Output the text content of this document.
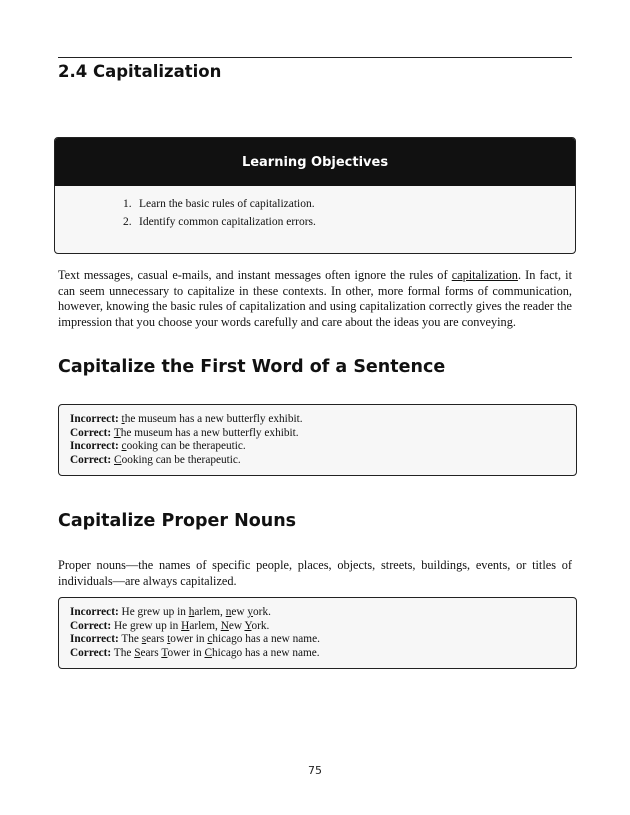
2.4 Capitalization
Learning Objectives
1. Learn the basic rules of capitalization.
2. Identify common capitalization errors.

Text messages, casual e-mails, and instant messages often ignore the rules of capitalization. In fact, it can seem unnecessary to capitalize in these contexts. In other, more formal forms of communication, however, knowing the basic rules of capitalization and using capitalization correctly gives the reader the impression that you choose your words carefully and care about the ideas you are conveying.

Capitalize the First Word of a Sentence
Incorrect: the museum has a new butterfly exhibit.
Correct: The museum has a new butterfly exhibit.
Incorrect: cooking can be therapeutic.
Correct: Cooking can be therapeutic.
Capitalize Proper Nouns

Proper nouns—the names of specific people, places, objects, streets, buildings, events, or titles of individuals—are always capitalized.

Incorrect: He grew up in harlem, new york.
Correct: He grew up in Harlem, New York.
Incorrect: The sears tower in chicago has a new name.
Correct: The Sears Tower in Chicago has a new name.
75
